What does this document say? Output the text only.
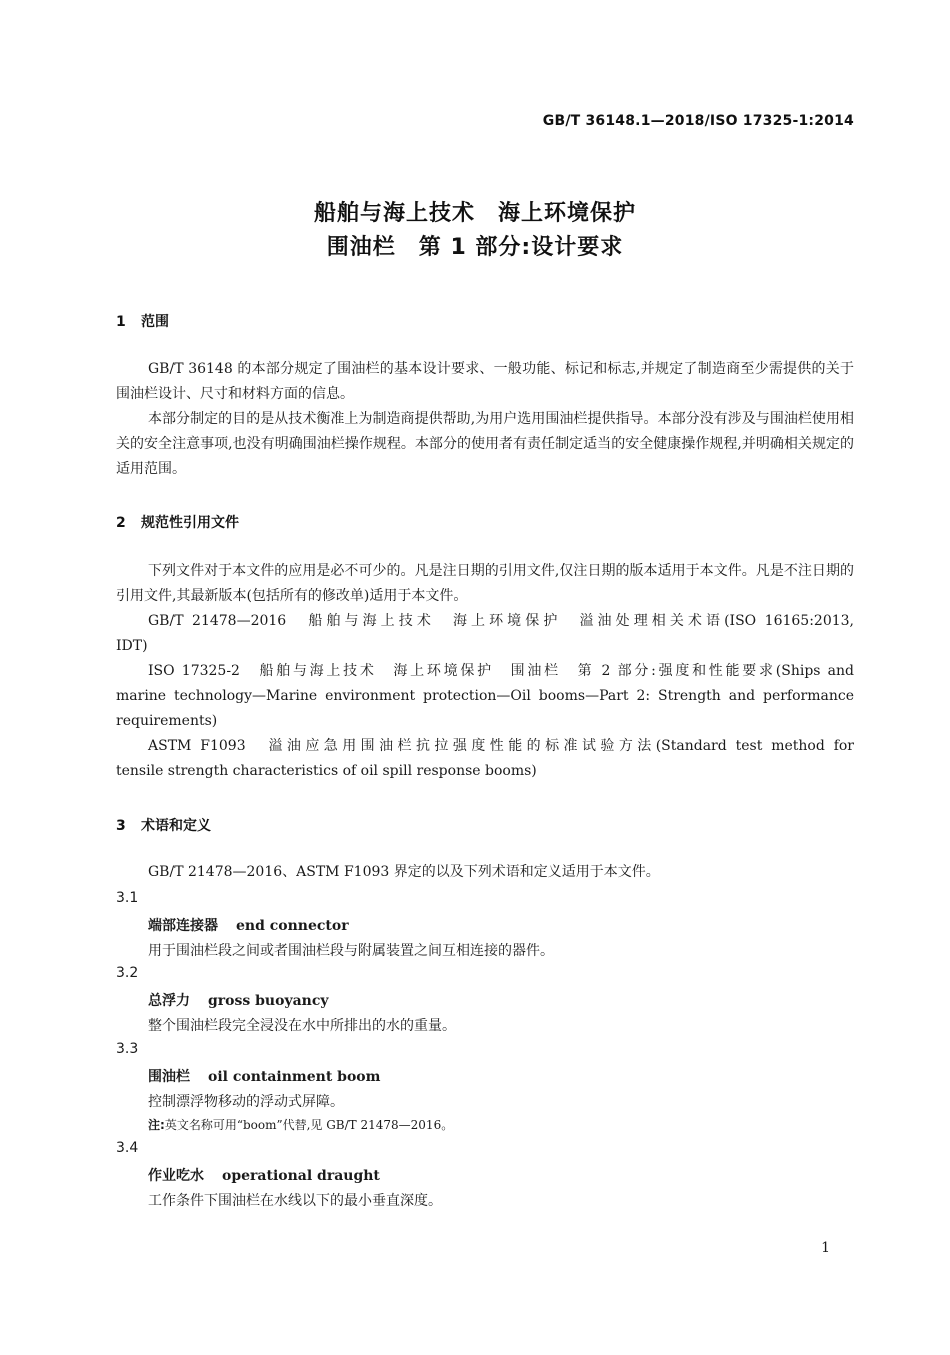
GB/T 36148.1—2018/ISO 17325-1:2014
船舶与海上技术　海上环境保护
围油栏　第 1 部分:设计要求
1 范围

GB/T 36148 的本部分规定了围油栏的基本设计要求、一般功能、标记和标志,并规定了制造商至少需提供的关于围油栏设计、尺寸和材料方面的信息。

本部分制定的目的是从技术衡准上为制造商提供帮助,为用户选用围油栏提供指导。本部分没有涉及与围油栏使用相关的安全注意事项,也没有明确围油栏操作规程。本部分的使用者有责任制定适当的安全健康操作规程,并明确相关规定的适用范围。

2 规范性引用文件

下列文件对于本文件的应用是必不可少的。凡是注日期的引用文件,仅注日期的版本适用于本文件。凡是不注日期的引用文件,其最新版本(包括所有的修改单)适用于本文件。

GB/T 21478—2016　船舶与海上技术　海上环境保护　溢油处理相关术语(ISO 16165:2013,
IDT)
ISO 17325-2　船舶与海上技术　海上环境保护　围油栏　第 2 部分:强度和性能要求(Ships and
marine technology—Marine environment protection—Oil booms—Part 2: Strength and performance
requirements)
ASTM F1093　溢油应急用围油栏抗拉强度性能的标准试验方法(Standard test method for
tensile strength characteristics of oil spill response booms)
3 术语和定义
GB/T 21478—2016、ASTM F1093 界定的以及下列术语和定义适用于本文件。
3.1
端部连接器 end connector
用于围油栏段之间或者围油栏段与附属装置之间互相连接的器件。
3.2
总浮力 gross buoyancy
整个围油栏段完全浸没在水中所排出的水的重量。
3.3
围油栏 oil containment boom
控制漂浮物移动的浮动式屏障。
注:英文名称可用“boom”代替,见 GB/T 21478—2016。
3.4
作业吃水 operational draught
工作条件下围油栏在水线以下的最小垂直深度。
1
